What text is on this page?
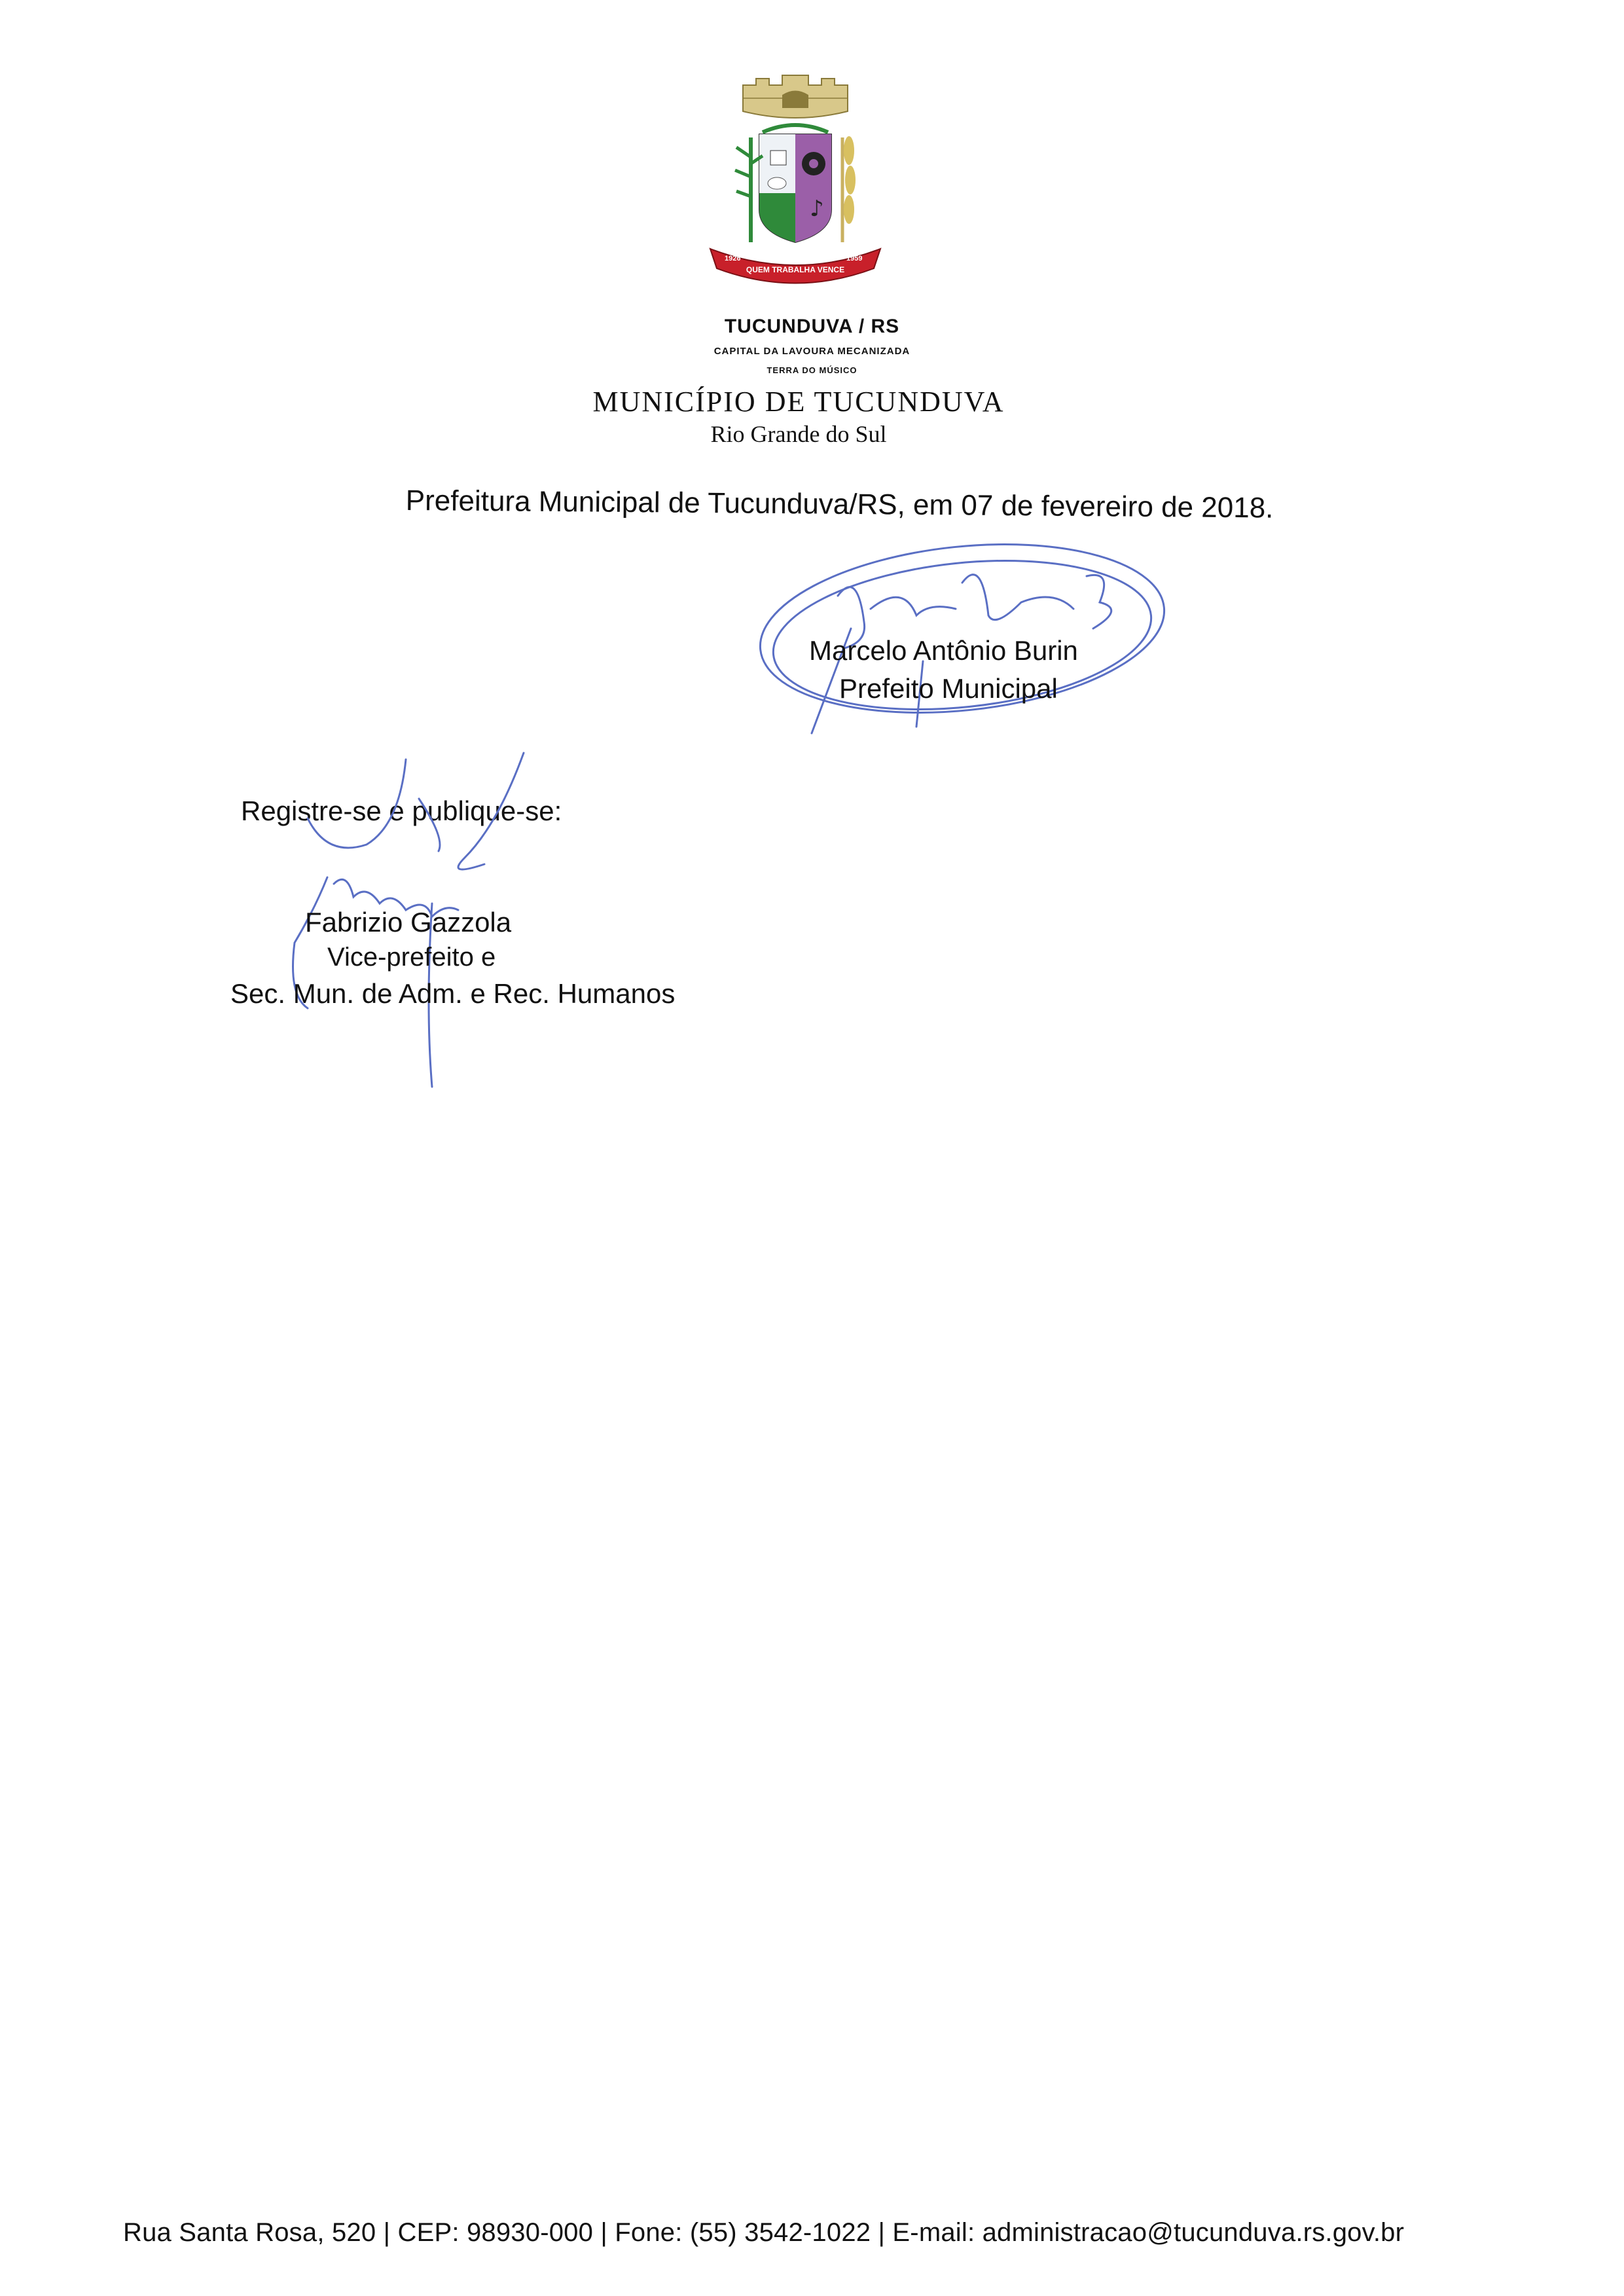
♪
QUEM TRABALHA VENCE
1926	1959
TUCUNDUVA / RS
CAPITAL DA LAVOURA MECANIZADA
TERRA DO MÚSICO
MUNICÍPIO DE TUCUNDUVA
Rio Grande do Sul
Prefeitura Municipal de Tucunduva/RS, em 07 de fevereiro de 2018.
Marcelo Antônio Burin
Prefeito Municipal
Registre-se e publique-se:
Fabrizio Gazzola
Vice-prefeito e
Sec. Mun. de Adm. e Rec. Humanos
Rua Santa Rosa, 520 | CEP: 98930-000 | Fone: (55) 3542-1022 | E-mail: administracao@tucunduva.rs.gov.br
